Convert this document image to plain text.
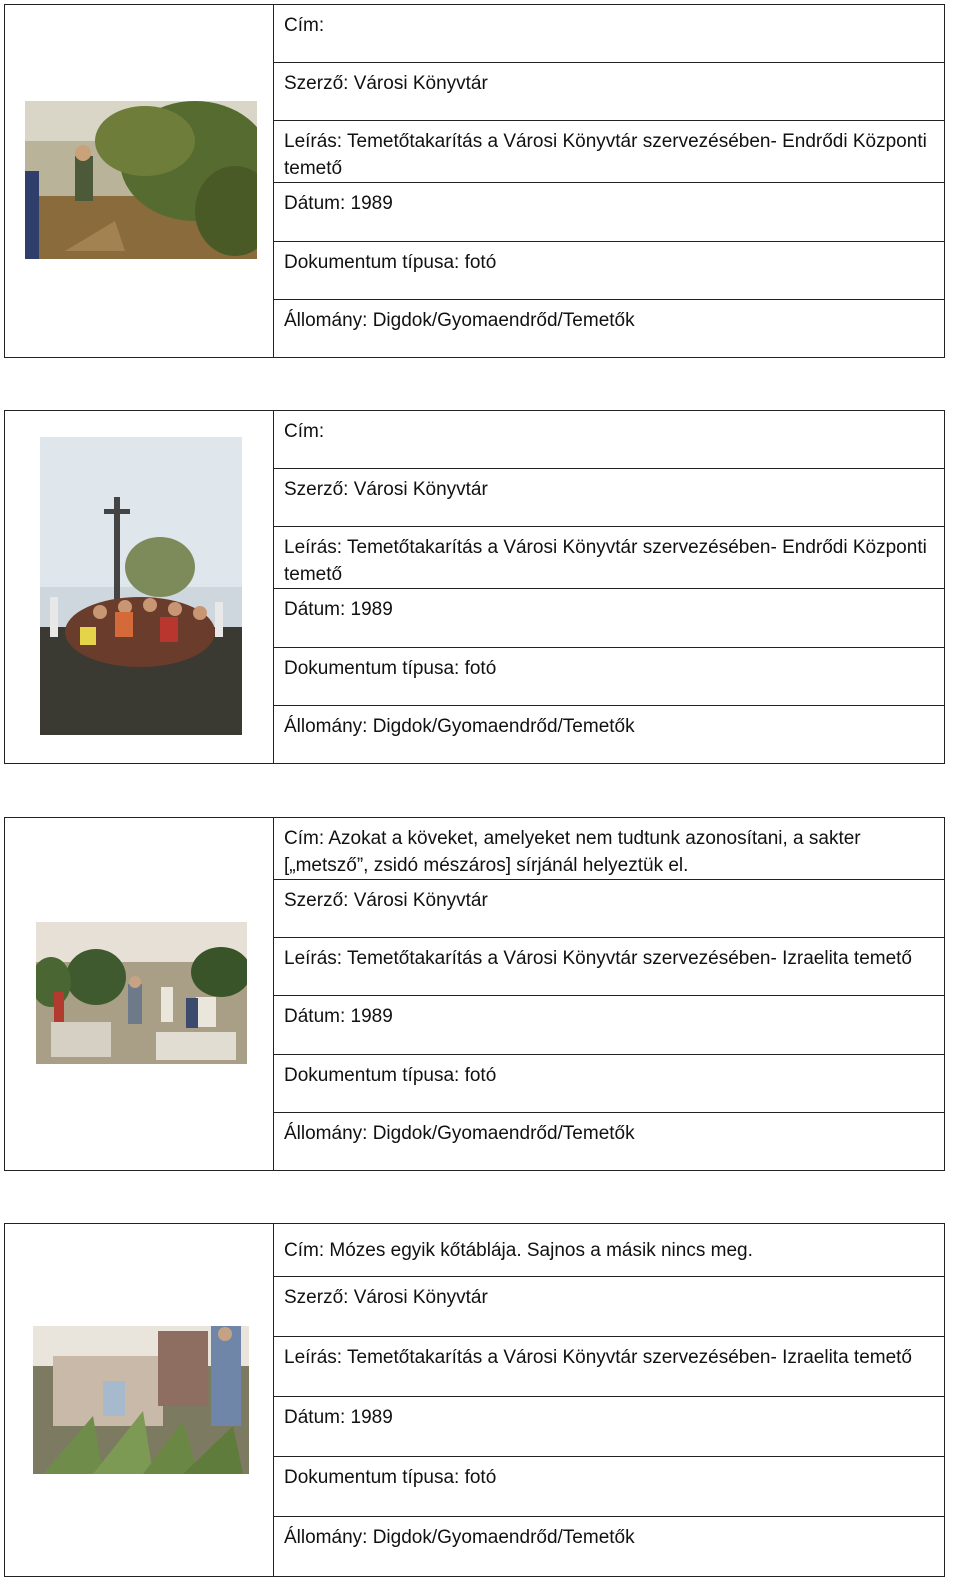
Cím:
Szerző: Városi Könyvtár
Leírás: Temetőtakarítás a Városi Könyvtár szervezésében- Endrődi Központi temető
Dátum: 1989
Dokumentum típusa: fotó
Állomány: Digdok/Gyomaendrőd/Temetők
Cím:
Szerző: Városi Könyvtár
Leírás: Temetőtakarítás a Városi Könyvtár szervezésében- Endrődi Központi temető
Dátum: 1989
Dokumentum típusa: fotó
Állomány: Digdok/Gyomaendrőd/Temetők
Cím: Azokat a köveket, amelyeket nem tudtunk azonosítani, a sakter [„metsző”, zsidó mészáros] sírjánál helyeztük el.
Szerző: Városi Könyvtár
Leírás: Temetőtakarítás a Városi Könyvtár szervezésében- Izraelita temető
Dátum: 1989
Dokumentum típusa: fotó
Állomány: Digdok/Gyomaendrőd/Temetők
Cím: Mózes egyik kőtáblája. Sajnos a másik nincs meg.
Szerző: Városi Könyvtár
Leírás: Temetőtakarítás a Városi Könyvtár szervezésében- Izraelita temető
Dátum: 1989
Dokumentum típusa: fotó
Állomány: Digdok/Gyomaendrőd/Temetők
